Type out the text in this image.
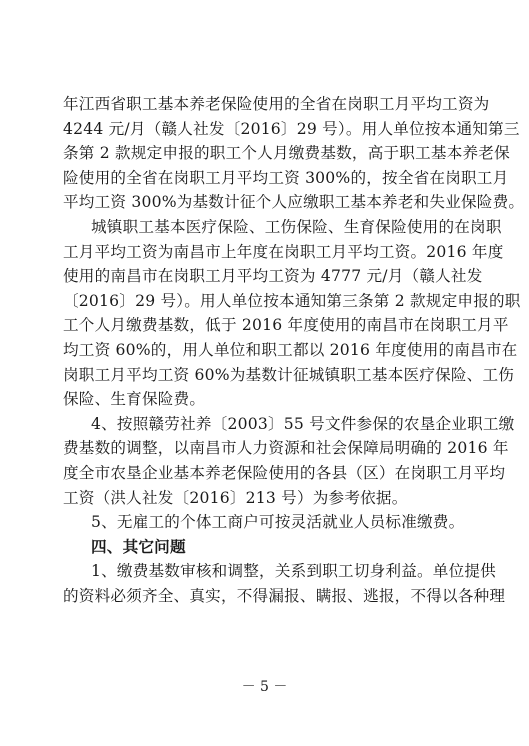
年江西省职工基本养老保险使用的全省在岗职工月平均工资为
4244 元/月（赣人社发〔2016〕29 号）。用人单位按本通知第三
条第 2 款规定申报的职工个人月缴费基数，高于职工基本养老保
险使用的全省在岗职工月平均工资 300%的，按全省在岗职工月
平均工资 300%为基数计征个人应缴职工基本养老和失业保险费。
城镇职工基本医疗保险、工伤保险、生育保险使用的在岗职
工月平均工资为南昌市上年度在岗职工月平均工资。2016 年度
使用的南昌市在岗职工月平均工资为 4777 元/月（赣人社发
〔2016〕29 号）。用人单位按本通知第三条第 2 款规定申报的职
工个人月缴费基数，低于 2016 年度使用的南昌市在岗职工月平
均工资 60%的，用人单位和职工都以 2016 年度使用的南昌市在
岗职工月平均工资 60%为基数计征城镇职工基本医疗保险、工伤
保险、生育保险费。
4、按照赣劳社养〔2003〕55 号文件参保的农垦企业职工缴
费基数的调整，以南昌市人力资源和社会保障局明确的 2016 年
度全市农垦企业基本养老保险使用的各县（区）在岗职工月平均
工资（洪人社发〔2016〕213 号）为参考依据。
5、无雇工的个体工商户可按灵活就业人员标准缴费。
四、其它问题
1、缴费基数审核和调整，关系到职工切身利益。单位提供
的资料必须齐全、真实，不得漏报、瞒报、逃报，不得以各种理
－ 5 －
